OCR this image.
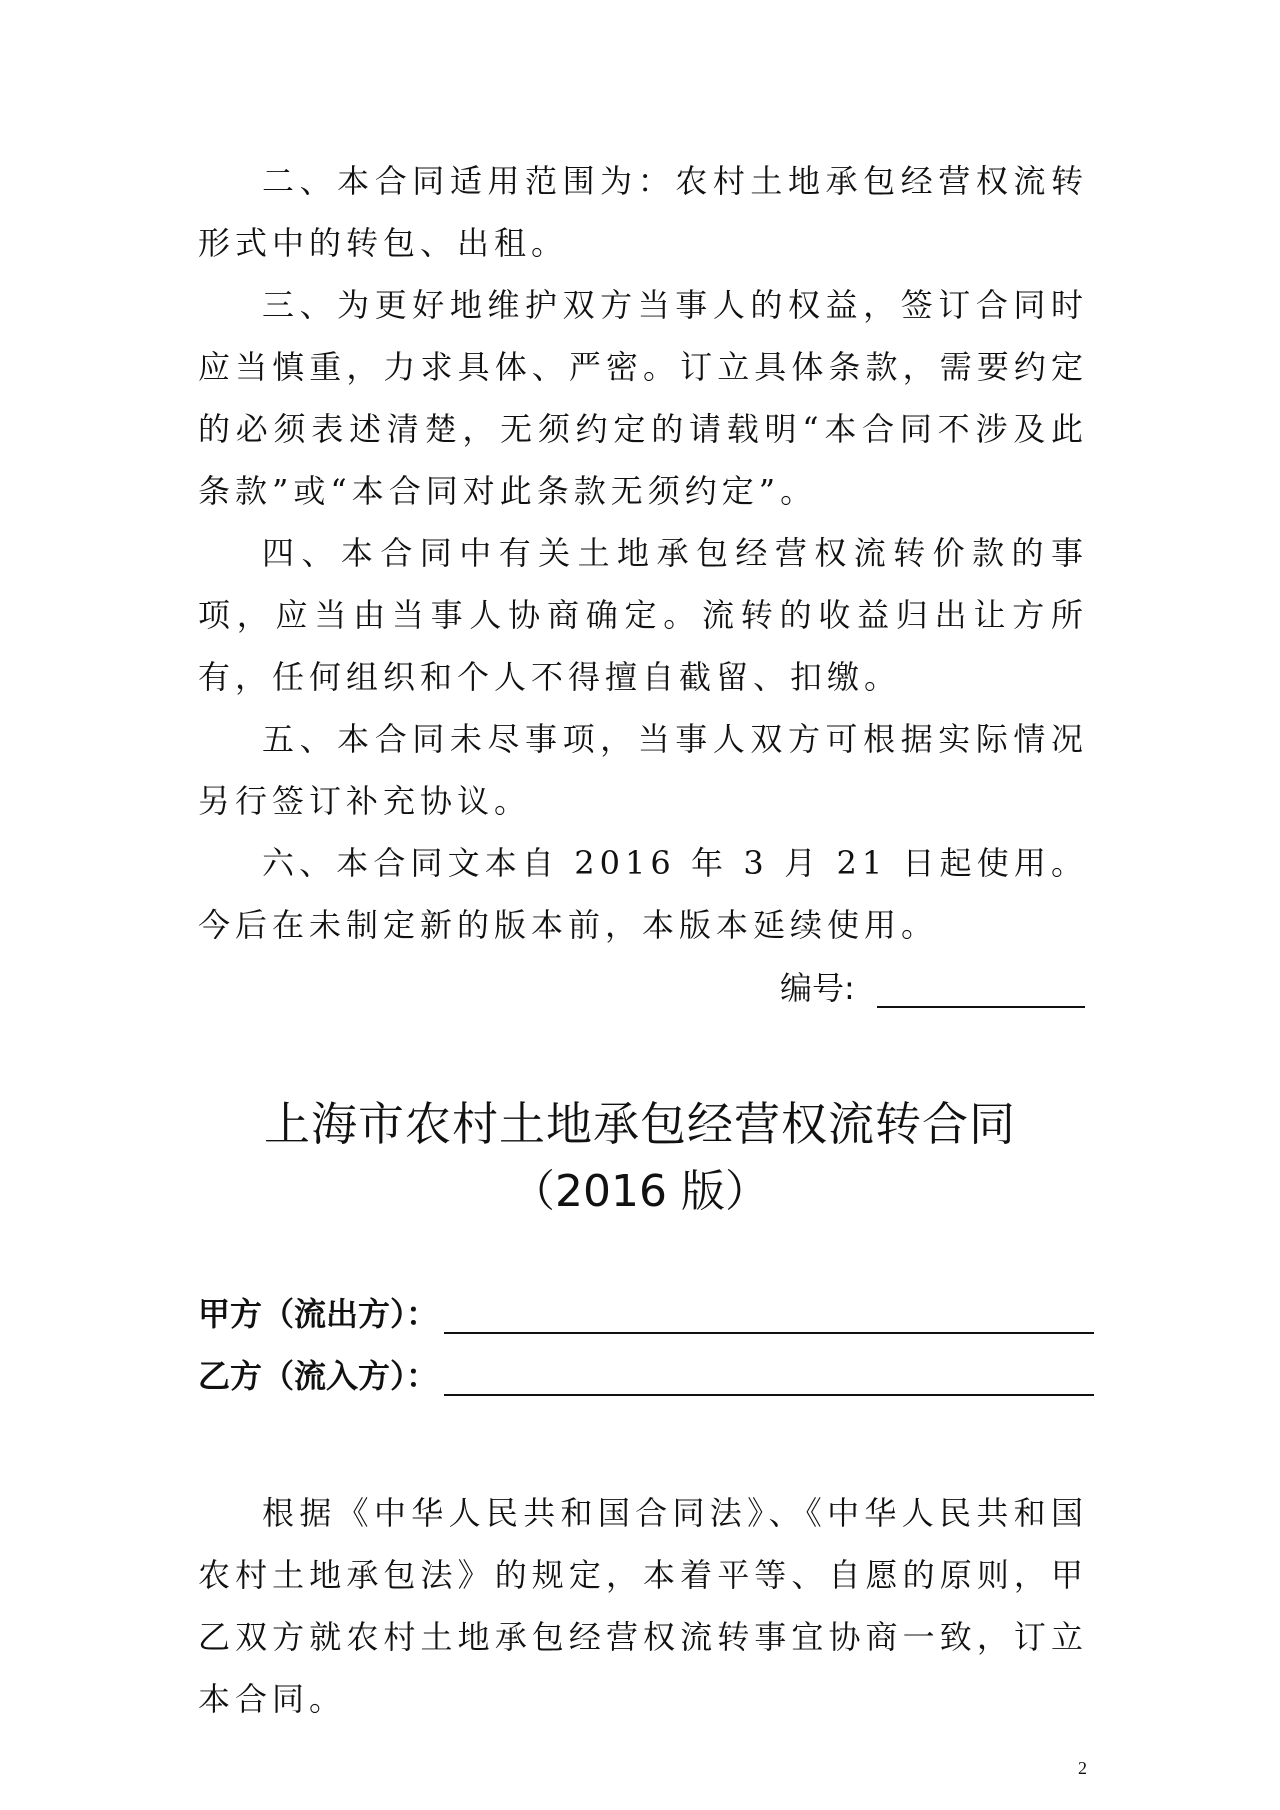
二、本合同适用范围为：农村土地承包经营权流转形式中的转包、出租。

三、为更好地维护双方当事人的权益，签订合同时应当慎重，力求具体、严密。订立具体条款，需要约定的必须表述清楚，无须约定的请载明“本合同不涉及此条款”或“本合同对此条款无须约定”。

四、本合同中有关土地承包经营权流转价款的事项，应当由当事人协商确定。流转的收益归出让方所有，任何组织和个人不得擅自截留、扣缴。

五、本合同未尽事项，当事人双方可根据实际情况另行签订补充协议。

六、本合同文本自 2016 年 3 月 21 日起使用。今后在未制定新的版本前，本版本延续使用。

编号:
上海市农村土地承包经营权流转合同
（2016 版）
甲方（流出方）：
乙方（流入方）：

根据《中华人民共和国合同法》、《中华人民共和国农村土地承包法》的规定，本着平等、自愿的原则，甲乙双方就农村土地承包经营权流转事宜协商一致，订立本合同。

2
